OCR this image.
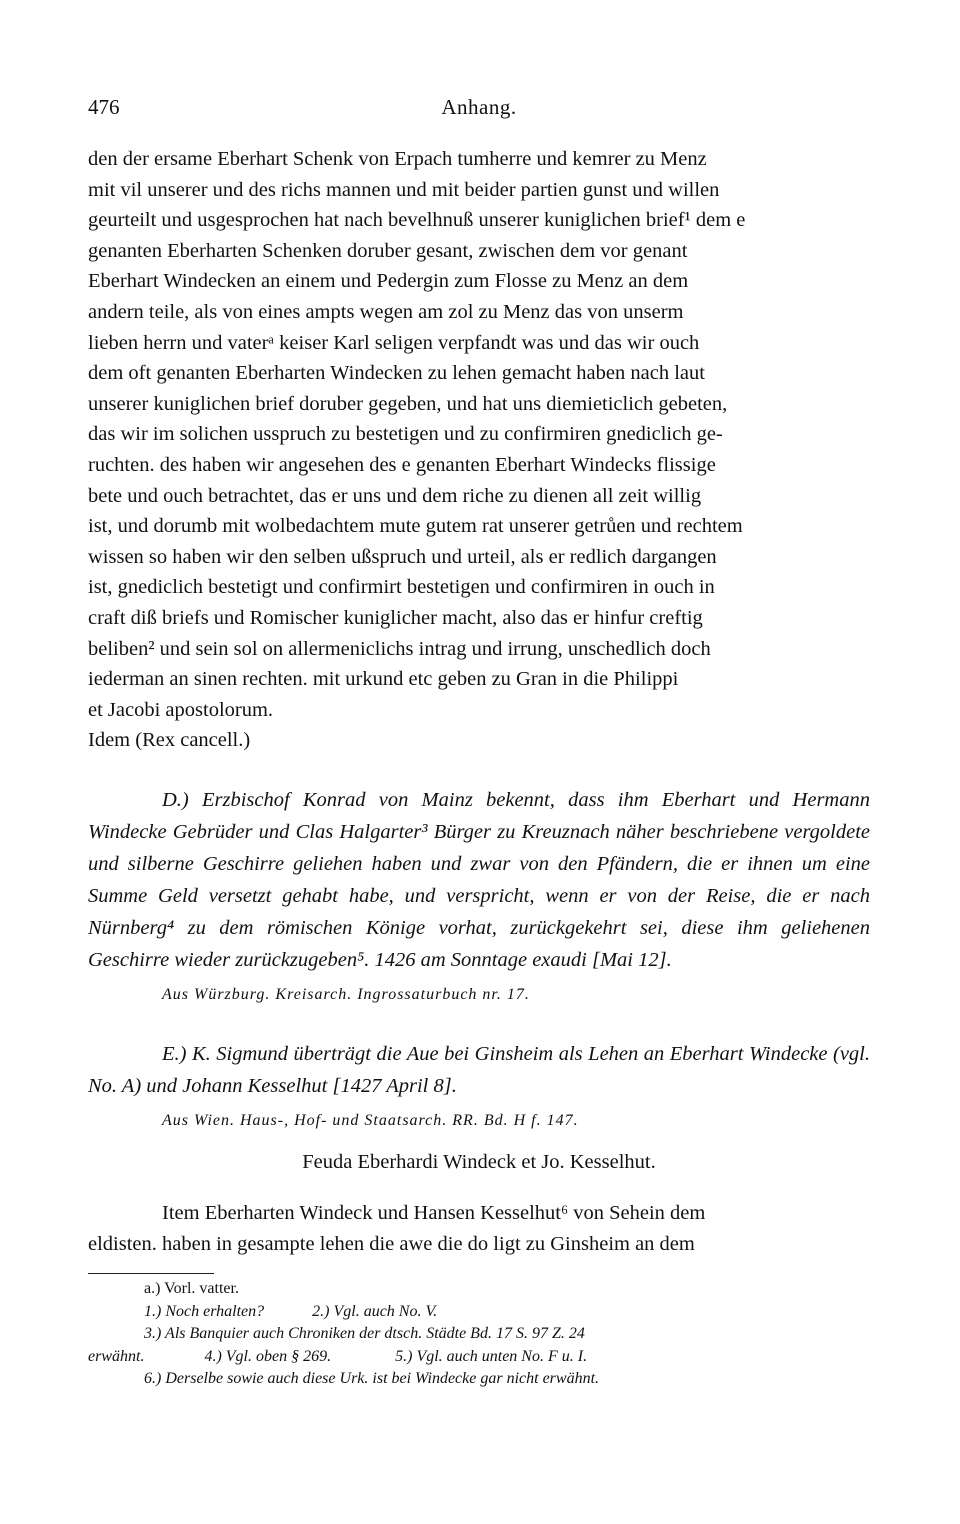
476	Anhang.

den der ersame Eberhart Schenk von Erpach tumherre und kemrer zu Menz

mit vil unserer und des richs mannen und mit beider partien gunst und willen

geurteilt und usgesprochen hat nach bevelhnuß unserer kuniglichen brief¹ dem e

genanten Eberharten Schenken doruber gesant, zwischen dem vor genant

Eberhart Windecken an einem und Pedergin zum Flosse zu Menz an dem

andern teile, als von eines ampts wegen am zol zu Menz das von unserm

lieben herrn und vaterᵃ keiser Karl seligen verpfandt was und das wir ouch

dem oft genanten Eberharten Windecken zu lehen gemacht haben nach laut

unserer kuniglichen brief doruber gegeben, und hat uns diemieticlich gebeten,

das wir im solichen usspruch zu bestetigen und zu confirmiren gnediclich ge-

ruchten. des haben wir angesehen des e genanten Eberhart Windecks flissige

bete und ouch betrachtet, das er uns und dem riche zu dienen all zeit willig

ist, und dorumb mit wolbedachtem mute gutem rat unserer getrůen und rechtem

wissen so haben wir den selben ußspruch und urteil, als er redlich dargangen

ist, gnediclich bestetigt und confirmirt bestetigen und confirmiren in ouch in

craft diß briefs und Romischer kuniglicher macht, also das er hinfur creftig

beliben² und sein sol on allermeniclichs intrag und irrung, unschedlich doch

iederman an sinen rechten. mit urkund etc geben zu Gran in die Philippi

et Jacobi apostolorum.

Idem (Rex cancell.)

D.) Erzbischof Konrad von Mainz bekennt, dass ihm Eberhart und Hermann Windecke Gebrüder und Clas Halgarter³ Bürger zu Kreuznach näher beschriebene vergoldete und silberne Geschirre geliehen haben und zwar von den Pfändern, die er ihnen um eine Summe Geld versetzt gehabt habe, und verspricht, wenn er von der Reise, die er nach Nürnberg⁴ zu dem römischen Könige vorhat, zurückgekehrt sei, diese ihm geliehenen Geschirre wieder zurückzugeben⁵. 1426 am Sonntage exaudi [Mai 12].

Aus Würzburg. Kreisarch. Ingrossaturbuch nr. 17.

E.) K. Sigmund überträgt die Aue bei Ginsheim als Lehen an Eberhart Windecke (vgl. No. A) und Johann Kesselhut [1427 April 8].

Aus Wien. Haus-, Hof- und Staatsarch. RR. Bd. H f. 147.

Feuda Eberhardi Windeck et Jo. Kesselhut.

Item Eberharten Windeck und Hansen Kesselhut⁶ von Sehein dem

eldisten. haben in gesampte lehen die awe die do ligt zu Ginsheim an dem

a.) Vorl. vatter.

1.) Noch erhalten?	2.) Vgl. auch No. V.

3.) Als Banquier auch Chroniken der dtsch. Städte Bd. 17 S. 97 Z. 24

erwähnt.	4.) Vgl. oben § 269.	5.) Vgl. auch unten No. F u. I.

6.) Derselbe sowie auch diese Urk. ist bei Windecke gar nicht erwähnt.
